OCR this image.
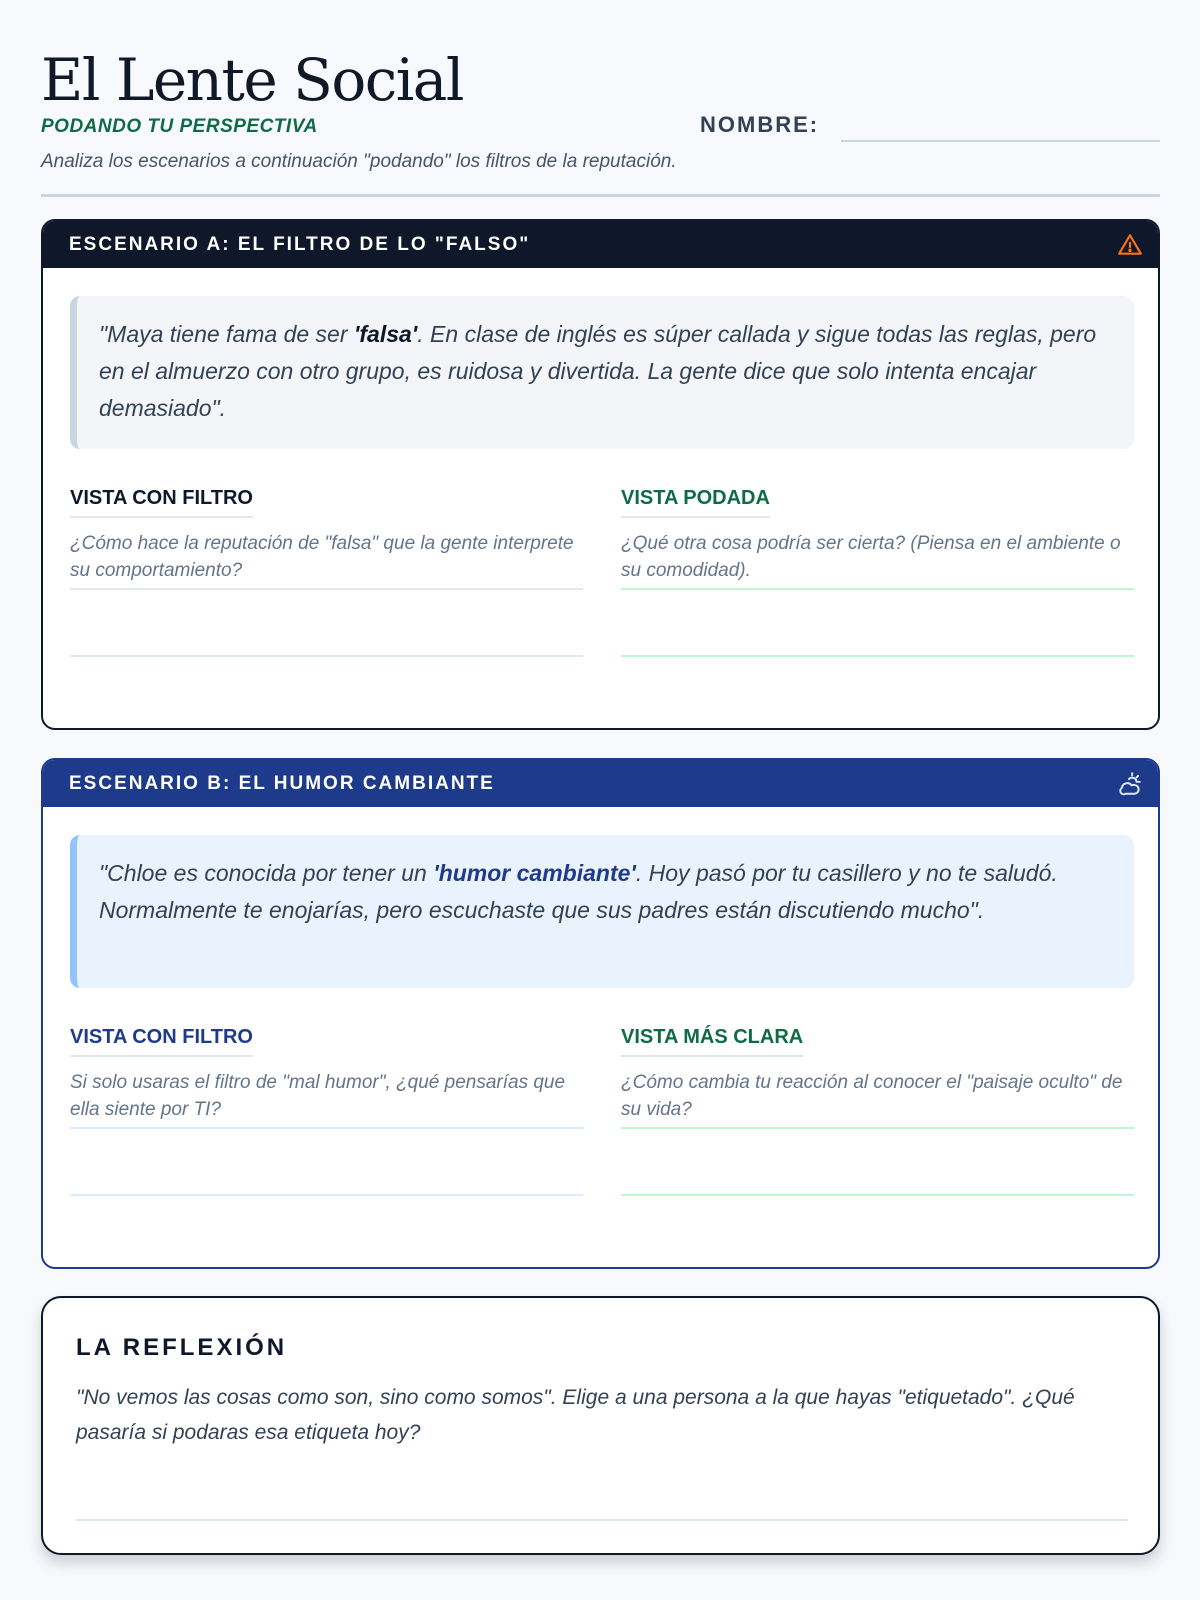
El Lente Social
PODANDO TU PERSPECTIVA
Analiza los escenarios a continuación "podando" los filtros de la reputación.
NOMBRE:
ESCENARIO A: EL FILTRO DE LO "FALSO"
"Maya tiene fama de ser 'falsa'. En clase de inglés es súper callada y sigue todas las reglas, pero en el almuerzo con otro grupo, es ruidosa y divertida. La gente dice que solo intenta encajar demasiado".
VISTA CON FILTRO
¿Cómo hace la reputación de "falsa" que la gente interprete su comportamiento?
VISTA PODADA
¿Qué otra cosa podría ser cierta? (Piensa en el ambiente o su comodidad).
ESCENARIO B: EL HUMOR CAMBIANTE
"Chloe es conocida por tener un 'humor cambiante'. Hoy pasó por tu casillero y no te saludó. Normalmente te enojarías, pero escuchaste que sus padres están discutiendo mucho".
VISTA CON FILTRO
Si solo usaras el filtro de "mal humor", ¿qué pensarías que ella siente por TI?
VISTA MÁS CLARA
¿Cómo cambia tu reacción al conocer el "paisaje oculto" de su vida?
LA REFLEXIÓN

"No vemos las cosas como son, sino como somos". Elige a una persona a la que hayas "etiquetado". ¿Qué pasaría si podaras esa etiqueta hoy?
